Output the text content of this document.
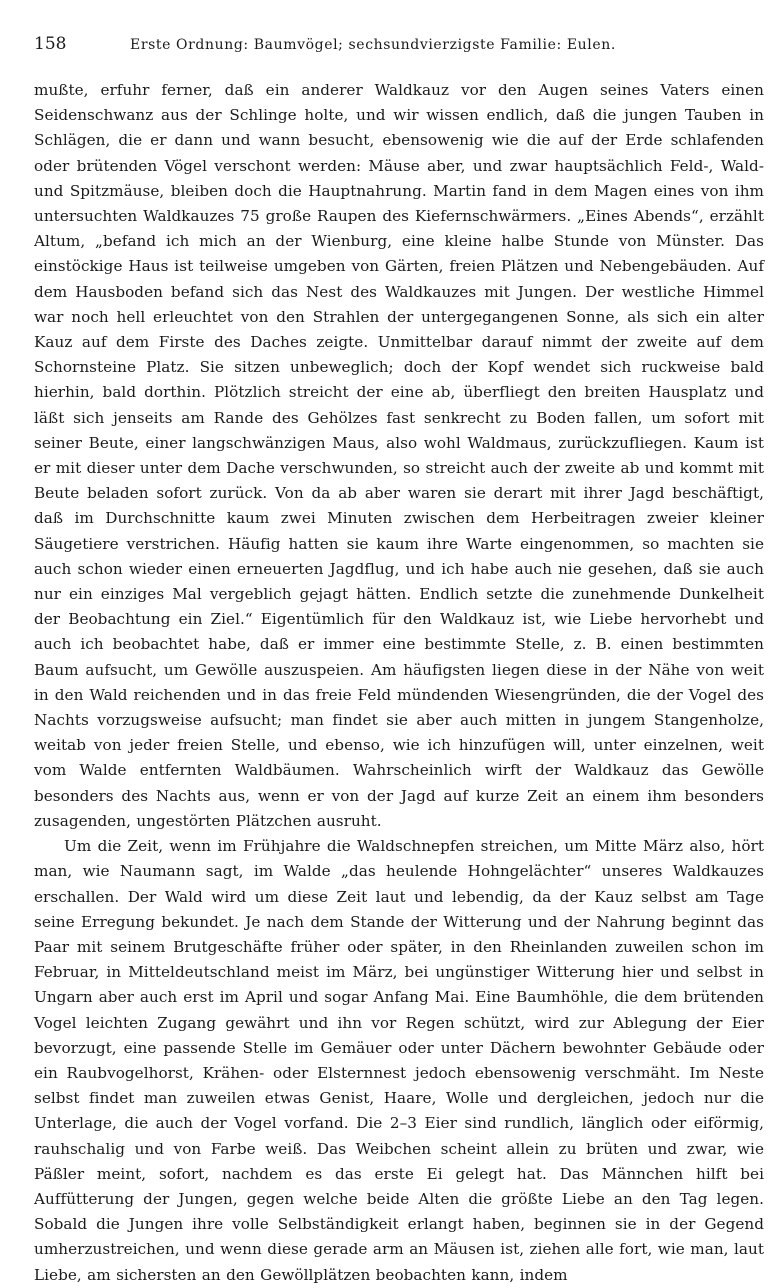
158	Erste Ordnung: Baumvögel; sechsundvierzigste Familie: Eulen.

mußte, erfuhr ferner, daß ein anderer Waldkauz vor den Augen seines Vaters einen Seidenschwanz aus der Schlinge holte, und wir wissen endlich, daß die jungen Tauben in Schlägen, die er dann und wann besucht, ebensowenig wie die auf der Erde schlafenden oder brütenden Vögel verschont werden: Mäuse aber, und zwar hauptsächlich Feld-, Wald- und Spitzmäuse, bleiben doch die Hauptnahrung. Martin fand in dem Magen eines von ihm untersuchten Waldkauzes 75 große Raupen des Kiefernschwärmers. „Eines Abends“, erzählt Altum, „befand ich mich an der Wienburg, eine kleine halbe Stunde von Münster. Das einstöckige Haus ist teilweise umgeben von Gärten, freien Plätzen und Nebengebäuden. Auf dem Hausboden befand sich das Nest des Waldkauzes mit Jungen. Der westliche Himmel war noch hell erleuchtet von den Strahlen der untergegangenen Sonne, als sich ein alter Kauz auf dem Firste des Daches zeigte. Unmittelbar darauf nimmt der zweite auf dem Schornsteine Platz. Sie sitzen unbeweglich; doch der Kopf wendet sich ruckweise bald hierhin, bald dorthin. Plötzlich streicht der eine ab, überfliegt den breiten Hausplatz und läßt sich jenseits am Rande des Gehölzes fast senkrecht zu Boden fallen, um sofort mit seiner Beute, einer langschwänzigen Maus, also wohl Waldmaus, zurückzufliegen. Kaum ist er mit dieser unter dem Dache verschwunden, so streicht auch der zweite ab und kommt mit Beute beladen sofort zurück. Von da ab aber waren sie derart mit ihrer Jagd beschäftigt, daß im Durchschnitte kaum zwei Minuten zwischen dem Herbeitragen zweier kleiner Säugetiere verstrichen. Häufig hatten sie kaum ihre Warte eingenommen, so machten sie auch schon wieder einen erneuerten Jagdflug, und ich habe auch nie gesehen, daß sie auch nur ein einziges Mal vergeblich gejagt hätten. Endlich setzte die zunehmende Dunkelheit der Beobachtung ein Ziel.“ Eigentümlich für den Waldkauz ist, wie Liebe hervorhebt und auch ich beobachtet habe, daß er immer eine bestimmte Stelle, z. B. einen bestimmten Baum aufsucht, um Gewölle auszuspeien. Am häufigsten liegen diese in der Nähe von weit in den Wald reichenden und in das freie Feld mündenden Wiesengründen, die der Vogel des Nachts vorzugsweise aufsucht; man findet sie aber auch mitten in jungem Stangenholze, weitab von jeder freien Stelle, und ebenso, wie ich hinzufügen will, unter einzelnen, weit vom Walde entfernten Waldbäumen. Wahrscheinlich wirft der Waldkauz das Gewölle besonders des Nachts aus, wenn er von der Jagd auf kurze Zeit an einem ihm besonders zusagenden, ungestörten Plätzchen ausruht.

Um die Zeit, wenn im Frühjahre die Waldschnepfen streichen, um Mitte März also, hört man, wie Naumann sagt, im Walde „das heulende Hohngelächter“ unseres Waldkauzes erschallen. Der Wald wird um diese Zeit laut und lebendig, da der Kauz selbst am Tage seine Erregung bekundet. Je nach dem Stande der Witterung und der Nahrung beginnt das Paar mit seinem Brutgeschäfte früher oder später, in den Rheinlanden zuweilen schon im Februar, in Mitteldeutschland meist im März, bei ungünstiger Witterung hier und selbst in Ungarn aber auch erst im April und sogar Anfang Mai. Eine Baumhöhle, die dem brütenden Vogel leichten Zugang gewährt und ihn vor Regen schützt, wird zur Ablegung der Eier bevorzugt, eine passende Stelle im Gemäuer oder unter Dächern bewohnter Gebäude oder ein Raubvogelhorst, Krähen- oder Elsternnest jedoch ebensowenig verschmäht. Im Neste selbst findet man zuweilen etwas Genist, Haare, Wolle und dergleichen, jedoch nur die Unterlage, die auch der Vogel vorfand. Die 2–3 Eier sind rundlich, länglich oder eiförmig, rauhschalig und von Farbe weiß. Das Weibchen scheint allein zu brüten und zwar, wie Päßler meint, sofort, nachdem es das erste Ei gelegt hat. Das Männchen hilft bei Auffütterung der Jungen, gegen welche beide Alten die größte Liebe an den Tag legen. Sobald die Jungen ihre volle Selbständigkeit erlangt haben, beginnen sie in der Gegend umherzustreichen, und wenn diese gerade arm an Mäusen ist, ziehen alle fort, wie man, laut Liebe, am sichersten an den Gewöllplätzen beobachten kann, indem
